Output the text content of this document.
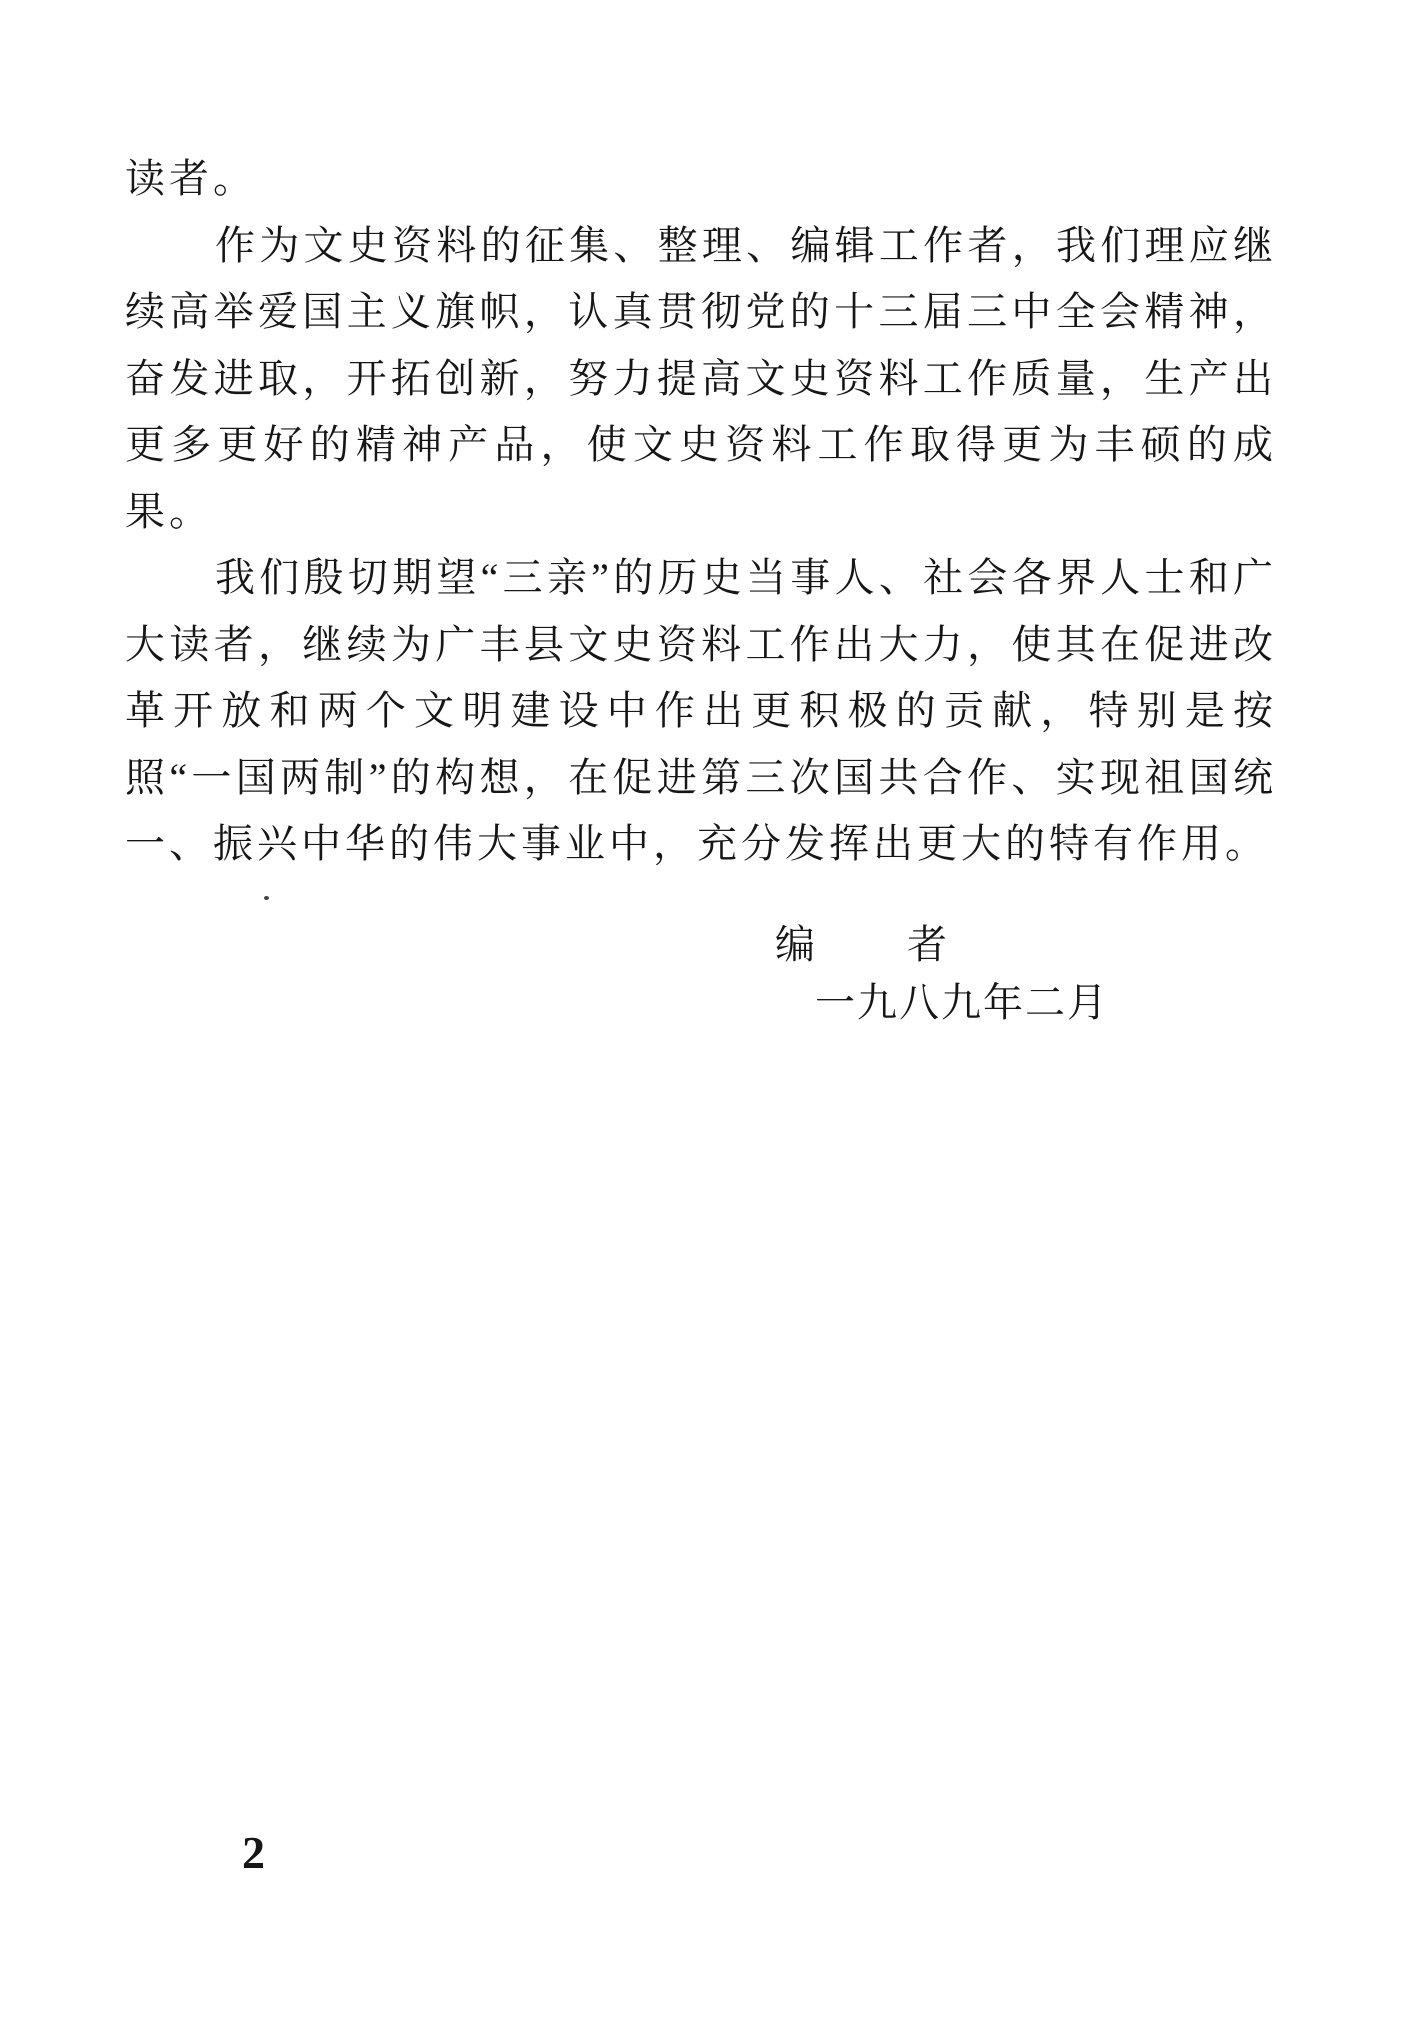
读者。

作为文史资料的征集、整理、编辑工作者，我们理应继续高举爱国主义旗帜，认真贯彻党的十三届三中全会精神，奋发进取，开拓创新，努力提高文史资料工作质量，生产出更多更好的精神产品，使文史资料工作取得更为丰硕的成果。

我们殷切期望“三亲”的历史当事人、社会各界人士和广大读者，继续为广丰县文史资料工作出大力，使其在促进改革开放和两个文明建设中作出更积极的贡献，特别是按照“一国两制”的构想，在促进第三次国共合作、实现祖国统一、振兴中华的伟大事业中，充分发挥出更大的特有作用。

编　　者
一九八九年二月
2
